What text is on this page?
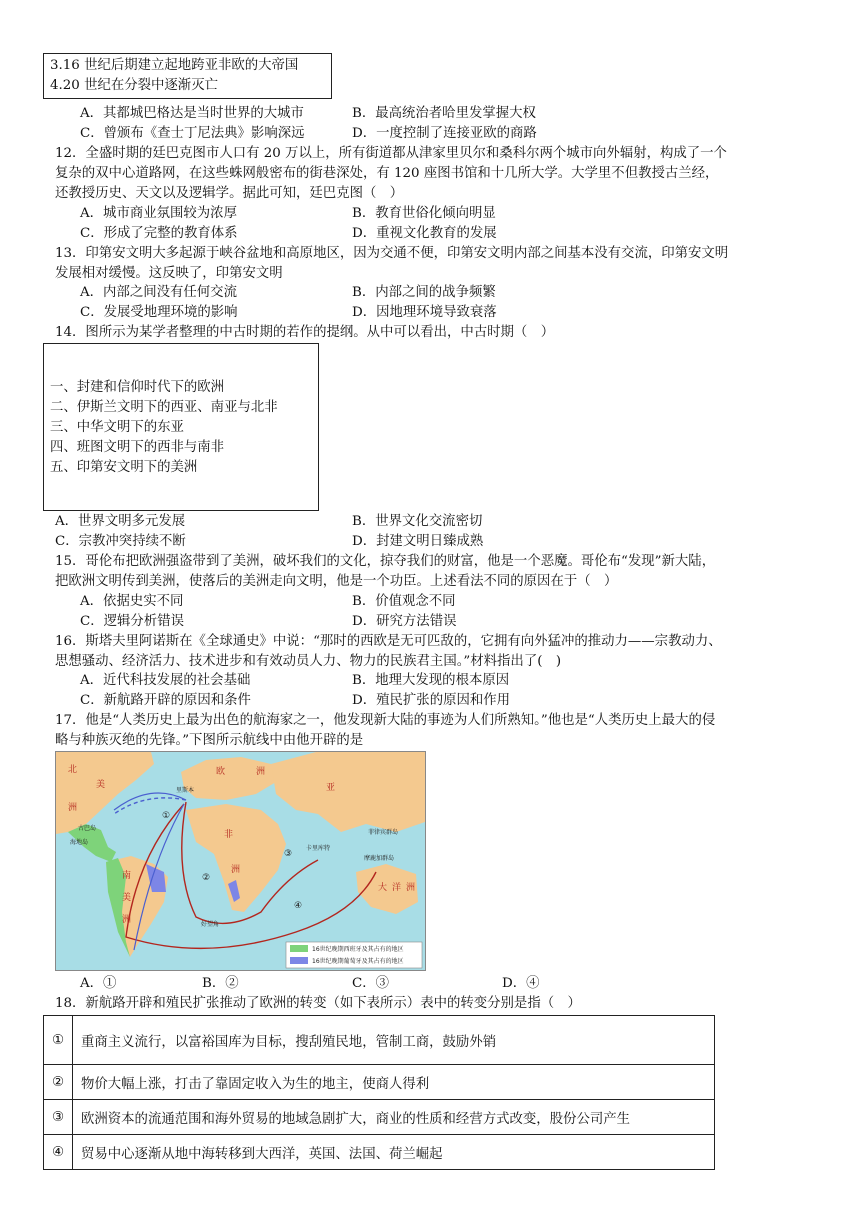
3.16 世纪后期建立起地跨亚非欧的大帝国
4.20 世纪在分裂中逐渐灭亡
A．其都城巴格达是当时世界的大城市	B．最高统治者哈里发掌握大权
C．曾颁布《查士丁尼法典》影响深远	D．一度控制了连接亚欧的商路
12．全盛时期的廷巴克图市人口有 20 万以上，所有街道都从津家里贝尔和桑科尔两个城市向外辐射，构成了一个
复杂的双中心道路网，在这些蛛网般密布的街巷深处，有 120 座图书馆和十几所大学。大学里不但教授古兰经，
还教授历史、天文以及逻辑学。据此可知，廷巴克图（　）
A．城市商业氛围较为浓厚	B．教育世俗化倾向明显
C．形成了完整的教育体系	D．重视文化教育的发展
13．印第安文明大多起源于峡谷盆地和高原地区，因为交通不便，印第安文明内部之间基本没有交流，印第安文明
发展相对缓慢。这反映了，印第安文明
A．内部之间没有任何交流	B．内部之间的战争频繁
C．发展受地理环境的影响	D．因地理环境导致衰落
14．图所示为某学者整理的中古时期的若作的提纲。从中可以看出，中古时期（　）
一、封建和信仰时代下的欧洲
二、伊斯兰文明下的西亚、南亚与北非
三、中华文明下的东亚
四、班图文明下的西非与南非
五、印第安文明下的美洲
A．世界文明多元发展	B．世界文化交流密切
C．宗教冲突持续不断	D．封建文明日臻成熟
15．哥伦布把欧洲强盗带到了美洲，破坏我们的文化，掠夺我们的财富，他是一个恶魔。哥伦布“发现”新大陆，
把欧洲文明传到美洲，使落后的美洲走向文明，他是一个功臣。上述看法不同的原因在于（　）
A．依据史实不同	B．价值观念不同
C．逻辑分析错误	D．研究方法错误
16．斯塔夫里阿诺斯在《全球通史》中说：“那时的西欧是无可匹敌的，它拥有向外猛冲的推动力——宗教动力、
思想骚动、经济活力、技术进步和有效动员人力、物力的民族君主国。”材料指出了(　)
A．近代科技发展的社会基础	B．地理大发现的根本原因
C．新航路开辟的原因和条件	D．殖民扩张的原因和作用
17．他是“人类历史上最为出色的航海家之一，他发现新大陆的事迹为人们所熟知。”他也是“人类历史上最大的侵
略与种族灭绝的先锋。”下图所示航线中由他开辟的是
北
洲
美
欧	洲
亚
非
洲
南
美
洲
大 洋 洲
里斯本
古巴岛
海地岛
卡里库特
菲律宾群岛
摩鹿加群岛
好望角
①
②
③
④
16世纪晚期西班牙及其占有的地区
16世纪晚期葡萄牙及其占有的地区
A．①	B．②	C．③	D．④
18．新航路开辟和殖民扩张推动了欧洲的转变（如下表所示）表中的转变分别是指（　）
①	重商主义流行，以富裕国库为目标，搜刮殖民地，管制工商，鼓励外销
②	物价大幅上涨，打击了靠固定收入为生的地主，使商人得利
③	欧洲资本的流通范围和海外贸易的地域急剧扩大，商业的性质和经营方式改变，股份公司产生
④	贸易中心逐渐从地中海转移到大西洋，英国、法国、荷兰崛起
